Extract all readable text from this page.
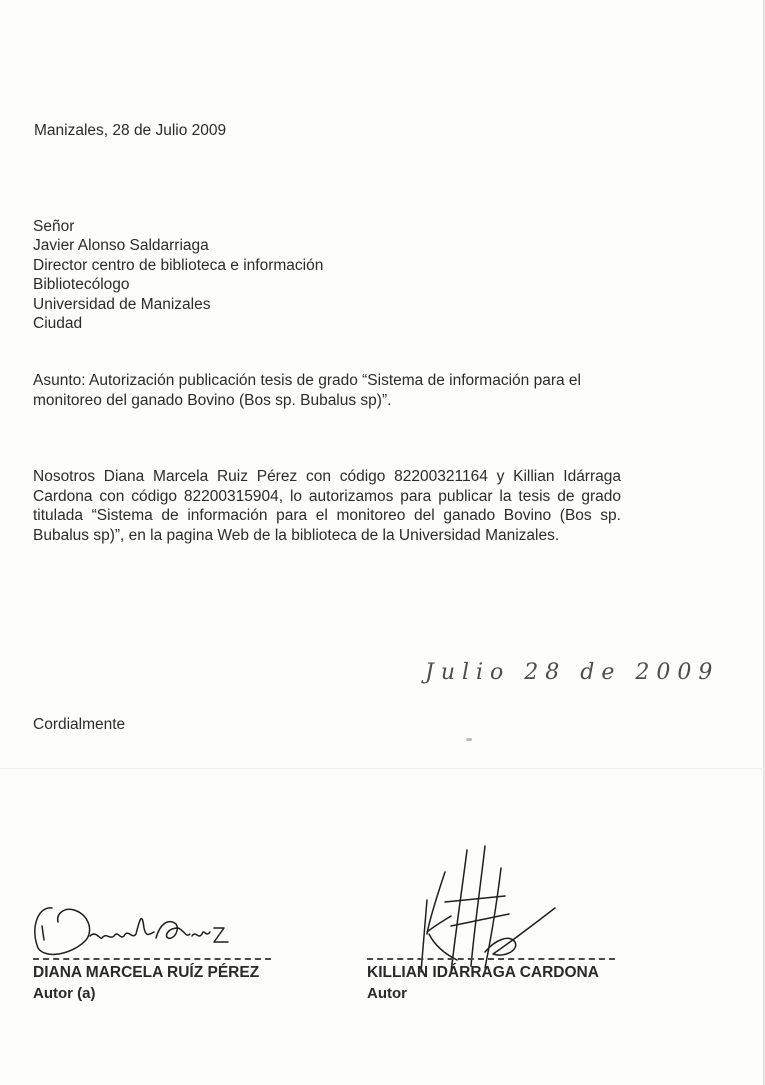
Manizales, 28 de Julio 2009
Señor
Javier Alonso Saldarriaga
Director centro de biblioteca e información
Bibliotecólogo
Universidad de Manizales
Ciudad
Asunto: Autorización publicación tesis de grado “Sistema de información para el monitoreo del ganado Bovino (Bos sp. Bubalus sp)”.
Nosotros Diana Marcela Ruiz Pérez con código 82200321164 y Killian Idárraga Cardona con código 82200315904, lo autorizamos para publicar la tesis de grado titulada “Sistema de información para el monitoreo del ganado Bovino (Bos sp. Bubalus sp)”, en la pagina Web de la biblioteca de la Universidad Manizales.
Julio 28 de 2009
Cordialmente
DIANA MARCELA RUÍZ PÉREZ
Autor (a)
KILLIAN IDÁRRAGA CARDONA
Autor
